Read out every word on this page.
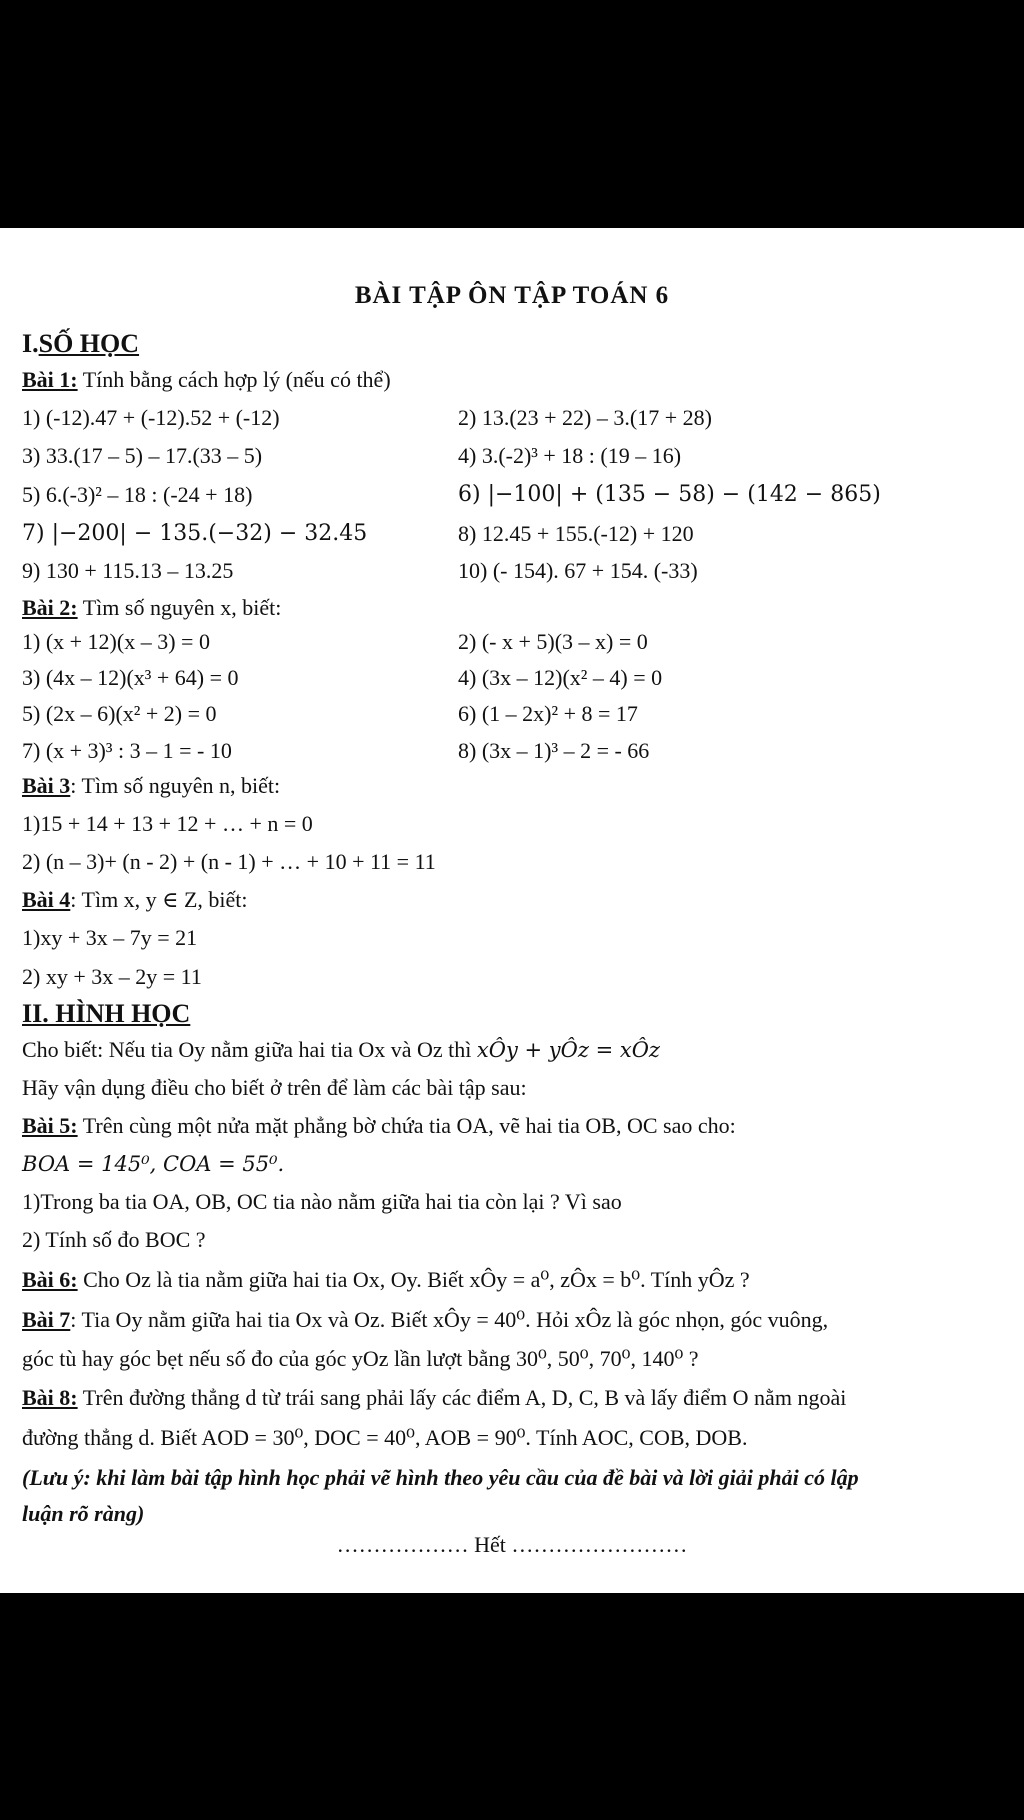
BÀI TẬP ÔN TẬP TOÁN 6
I.SỐ HỌC
Bài 1: Tính bằng cách hợp lý (nếu có thể)
1) (-12).47 + (-12).52 + (-12)	2) 13.(23 + 22) – 3.(17 + 28)
3) 33.(17 – 5) – 17.(33 – 5)	4) 3.(-2)³ + 18 : (19 – 16)
5) 6.(-3)² – 18 : (-24 + 18)	6) |−100| + (135 − 58) − (142 − 865)
7) |−200| − 135.(−32) − 32.45	8) 12.45 + 155.(-12) + 120
9) 130 + 115.13 – 13.25	10) (- 154). 67 + 154. (-33)
Bài 2: Tìm số nguyên x, biết:
1) (x + 12)(x – 3) = 0	2) (- x + 5)(3 – x) = 0
3) (4x – 12)(x³ + 64) = 0	4) (3x – 12)(x² – 4) = 0
5) (2x – 6)(x² + 2) = 0	6) (1 – 2x)² + 8 = 17
7) (x + 3)³ : 3 – 1 = - 10	8) (3x – 1)³ – 2 = - 66
Bài 3: Tìm số nguyên n, biết:
1)15 + 14 + 13 + 12 + … + n = 0
2) (n – 3)+ (n - 2) + (n - 1) + … + 10 + 11 = 11
Bài 4: Tìm x, y ∈ Z, biết:
1)xy + 3x – 7y = 21
2) xy + 3x – 2y = 11
II. HÌNH HỌC
Cho biết: Nếu tia Oy nằm giữa hai tia Ox và Oz thì xÔy + yÔz = xÔz
Hãy vận dụng điều cho biết ở trên để làm các bài tập sau:
Bài 5: Trên cùng một nửa mặt phẳng bờ chứa tia OA, vẽ hai tia OB, OC sao cho:
BOA = 145⁰, COA = 55⁰.
1)Trong ba tia OA, OB, OC tia nào nằm giữa hai tia còn lại ? Vì sao
2) Tính số đo BOC ?
Bài 6: Cho Oz là tia nằm giữa hai tia Ox, Oy. Biết xÔy = a⁰, zÔx = b⁰. Tính yÔz ?
Bài 7: Tia Oy nằm giữa hai tia Ox và Oz. Biết xÔy = 40⁰. Hỏi xÔz là góc nhọn, góc vuông,
góc tù hay góc bẹt nếu số đo của góc yOz lần lượt bằng 30⁰, 50⁰, 70⁰, 140⁰ ?
Bài 8: Trên đường thẳng d từ trái sang phải lấy các điểm A, D, C, B và lấy điểm O nằm ngoài
đường thẳng d. Biết AOD = 30⁰, DOC = 40⁰, AOB = 90⁰. Tính AOC, COB, DOB.
(Lưu ý: khi làm bài tập hình học phải vẽ hình theo yêu cầu của đề bài và lời giải phải có lập
luận rõ ràng)
……………… Hết ……………………
